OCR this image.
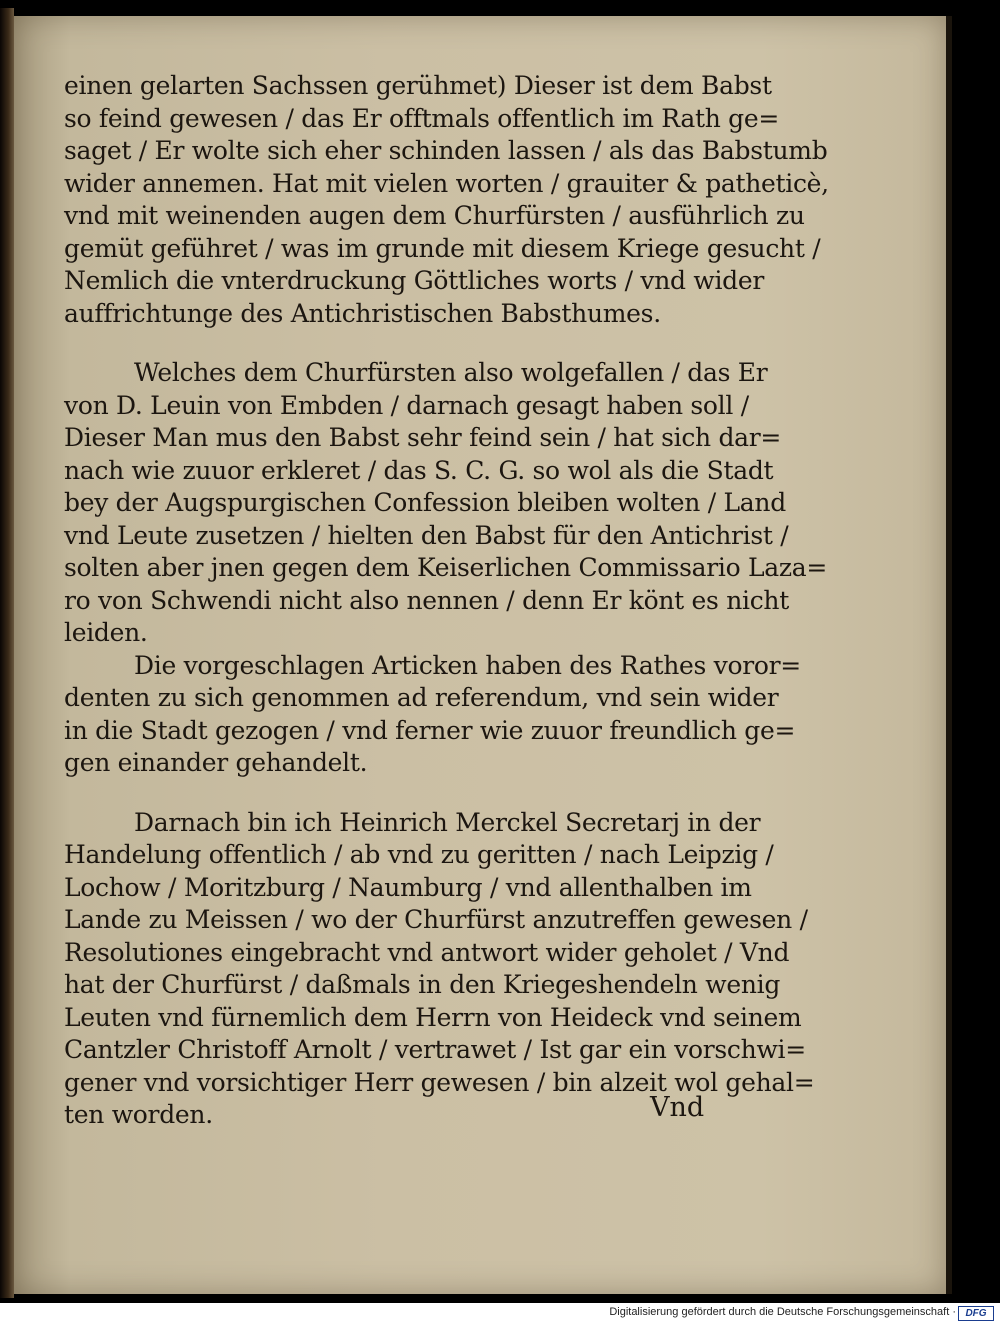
einen gelarten Sachssen gerühmet) Dieser ist dem Babst
so feind gewesen / das Er offtmals offentlich im Rath ge=
saget / Er wolte sich eher schinden lassen / als das Babstumb
wider annemen. Hat mit vielen worten / grauiter & patheticè,
vnd mit weinenden augen dem Churfürsten / ausführlich zu
gemüt geführet / was im grunde mit diesem Kriege gesucht /
Nemlich die vnterdruckung Göttliches worts / vnd wider
auffrichtunge des Antichristischen Babsthumes.
Welches dem Churfürsten also wolgefallen / das Er
von D. Leuin von Embden / darnach gesagt haben soll /
Dieser Man mus den Babst sehr feind sein / hat sich dar=
nach wie zuuor erkleret / das S. C. G. so wol als die Stadt
bey der Augspurgischen Confession bleiben wolten / Land
vnd Leute zusetzen / hielten den Babst für den Antichrist /
solten aber jnen gegen dem Keiserlichen Commissario Laza=
ro von Schwendi nicht also nennen / denn Er könt es nicht
leiden.
Die vorgeschlagen Articken haben des Rathes voror=
denten zu sich genommen ad referendum, vnd sein wider
in die Stadt gezogen / vnd ferner wie zuuor freundlich ge=
gen einander gehandelt.
Darnach bin ich Heinrich Merckel Secretarj in der
Handelung offentlich / ab vnd zu geritten / nach Leipzig /
Lochow / Moritzburg / Naumburg / vnd allenthalben im
Lande zu Meissen / wo der Churfürst anzutreffen gewesen /
Resolutiones eingebracht vnd antwort wider geholet / Vnd
hat der Churfürst / daßmals in den Kriegeshendeln wenig
Leuten vnd fürnemlich dem Herrn von Heideck vnd seinem
Cantzler Christoff Arnolt / vertrawet / Ist gar ein vorschwi=
gener vnd vorsichtiger Herr gewesen / bin alzeit wol gehal=
ten worden.	Vnd
Digitalisierung gefördert durch die Deutsche Forschungsgemeinschaft · DFG
